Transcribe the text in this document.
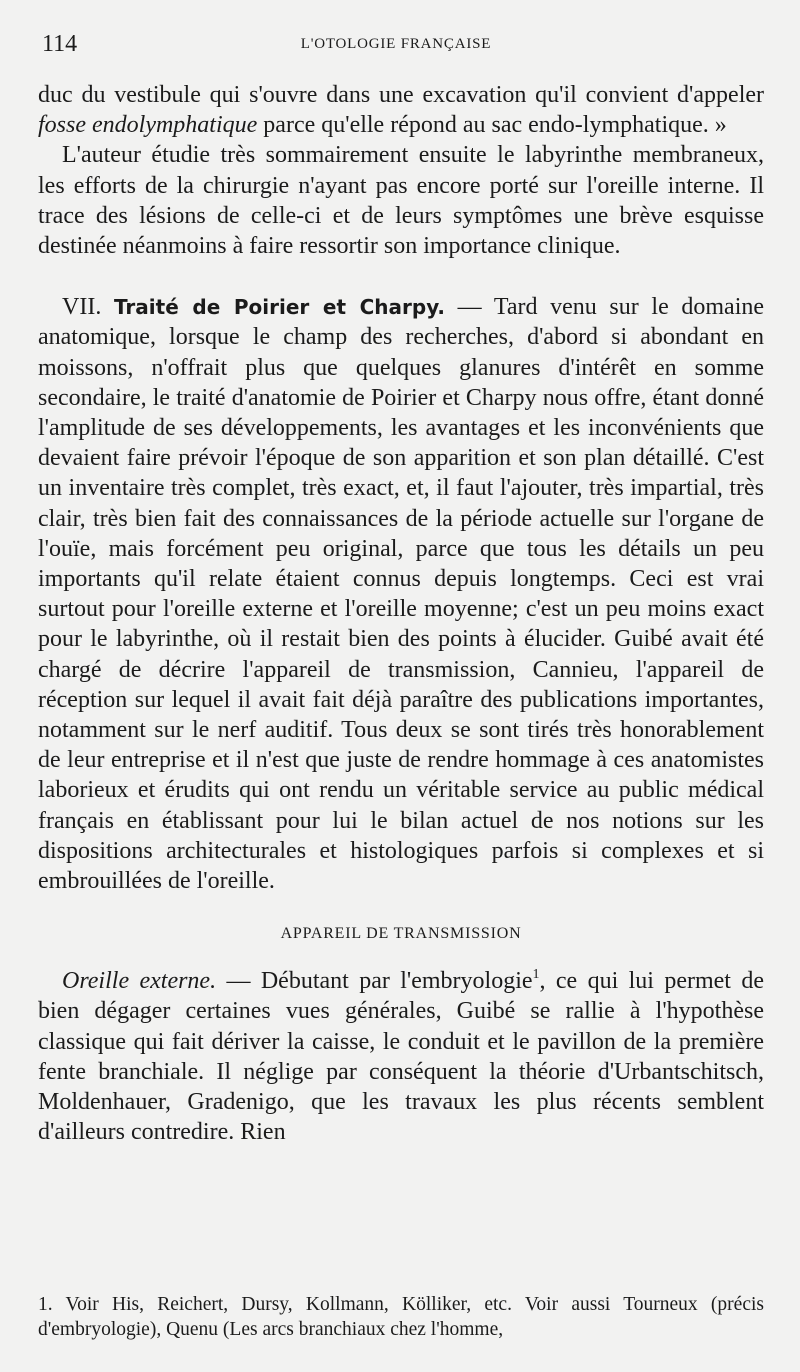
114	L'OTOLOGIE FRANÇAISE

duc du vestibule qui s'ouvre dans une excavation qu'il convient d'appeler fosse endolymphatique parce qu'elle répond au sac endo-lymphatique. »

L'auteur étudie très sommairement ensuite le labyrinthe membraneux, les efforts de la chirurgie n'ayant pas encore porté sur l'oreille interne. Il trace des lésions de celle-ci et de leurs symptômes une brève esquisse destinée néanmoins à faire ressortir son importance clinique.

VII. Traité de Poirier et Charpy. — Tard venu sur le domaine anatomique, lorsque le champ des recherches, d'abord si abondant en moissons, n'offrait plus que quelques glanures d'intérêt en somme secondaire, le traité d'anatomie de Poirier et Charpy nous offre, étant donné l'amplitude de ses développements, les avantages et les inconvénients que devaient faire prévoir l'époque de son apparition et son plan détaillé. C'est un inventaire très complet, très exact, et, il faut l'ajouter, très impartial, très clair, très bien fait des connaissances de la période actuelle sur l'organe de l'ouïe, mais forcément peu original, parce que tous les détails un peu importants qu'il relate étaient connus depuis longtemps. Ceci est vrai surtout pour l'oreille externe et l'oreille moyenne; c'est un peu moins exact pour le labyrinthe, où il restait bien des points à élucider. Guibé avait été chargé de décrire l'appareil de transmission, Cannieu, l'appareil de réception sur lequel il avait fait déjà paraître des publications importantes, notamment sur le nerf auditif. Tous deux se sont tirés très honorablement de leur entreprise et il n'est que juste de rendre hommage à ces anatomistes laborieux et érudits qui ont rendu un véritable service au public médical français en établissant pour lui le bilan actuel de nos notions sur les dispositions architecturales et histologiques parfois si complexes et si embrouillées de l'oreille.

APPAREIL DE TRANSMISSION

Oreille externe. — Débutant par l'embryologie$^1$, ce qui lui permet de bien dégager certaines vues générales, Guibé se rallie à l'hypothèse classique qui fait dériver la caisse, le conduit et le pavillon de la première fente branchiale. Il néglige par conséquent la théorie d'Urbantschitsch, Moldenhauer, Gradenigo, que les travaux les plus récents semblent d'ailleurs contredire. Rien

1. Voir His, Reichert, Dursy, Kollmann, Kölliker, etc. Voir aussi Tourneux (précis d'embryologie), Quenu (Les arcs branchiaux chez l'homme,
